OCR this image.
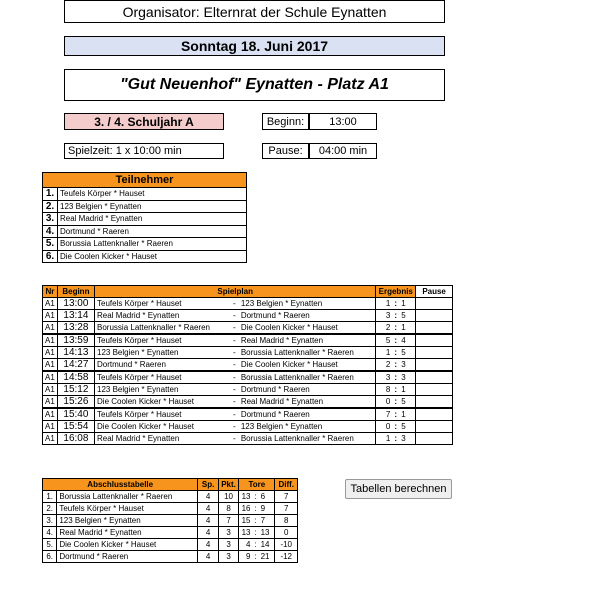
Organisator: Elternrat der Schule Eynatten
Sonntag 18. Juni 2017
"Gut Neuenhof" Eynatten - Platz A1
3. / 4. Schuljahr A	Beginn:	13:00
Spielzeit: 1 x 10:00 min	Pause:	04:00 min
Teilnehmer	
1.	Teufels Körper * Hauset
2.	123 Belgien * Eynatten
3.	Real Madrid * Eynatten
4.	Dortmund * Raeren
5.	Borussia Lattenknaller * Raeren
6.	Die Coolen Kicker * Hauset
Nr	Beginn	Spielplan			Ergebnis			Pause
A1	13:00	Teufels Körper * Hauset	-	123 Belgien * Eynatten	1	:	1	
A1	13:14	Real Madrid * Eynatten	-	Dortmund * Raeren	3	:	5	
A1	13:28	Borussia Lattenknaller * Raeren	-	Die Coolen Kicker * Hauset	2	:	1	
A1	13:59	Teufels Körper * Hauset	-	Real Madrid * Eynatten	5	:	4	
A1	14:13	123 Belgien * Eynatten	-	Borussia Lattenknaller * Raeren	1	:	5	
A1	14:27	Dortmund * Raeren	-	Die Coolen Kicker * Hauset	2	:	3	
A1	14:58	Teufels Körper * Hauset	-	Borussia Lattenknaller * Raeren	3	:	3	
A1	15:12	123 Belgien * Eynatten	-	Dortmund * Raeren	8	:	1	
A1	15:26	Die Coolen Kicker * Hauset	-	Real Madrid * Eynatten	0	:	5	
A1	15:40	Teufels Körper * Hauset	-	Dortmund * Raeren	7	:	1	
A1	15:54	Die Coolen Kicker * Hauset	-	123 Belgien * Eynatten	0	:	5	
A1	16:08	Real Madrid * Eynatten	-	Borussia Lattenknaller * Raeren	1	:	3	
Abschlusstabelle		Sp.	Pkt.	Tore			Diff.
1.	Borussia Lattenknaller * Raeren	4	10	13	:	6	7
2.	Teufels Körper * Hauset	4	8	16	:	9	7
3.	123 Belgien * Eynatten	4	7	15	:	7	8
4.	Real Madrid * Eynatten	4	3	13	:	13	0
5.	Die Coolen Kicker * Hauset	4	3	4	:	14	-10
6.	Dortmund * Raeren	4	3	9	:	21	-12
Tabellen berechnen
